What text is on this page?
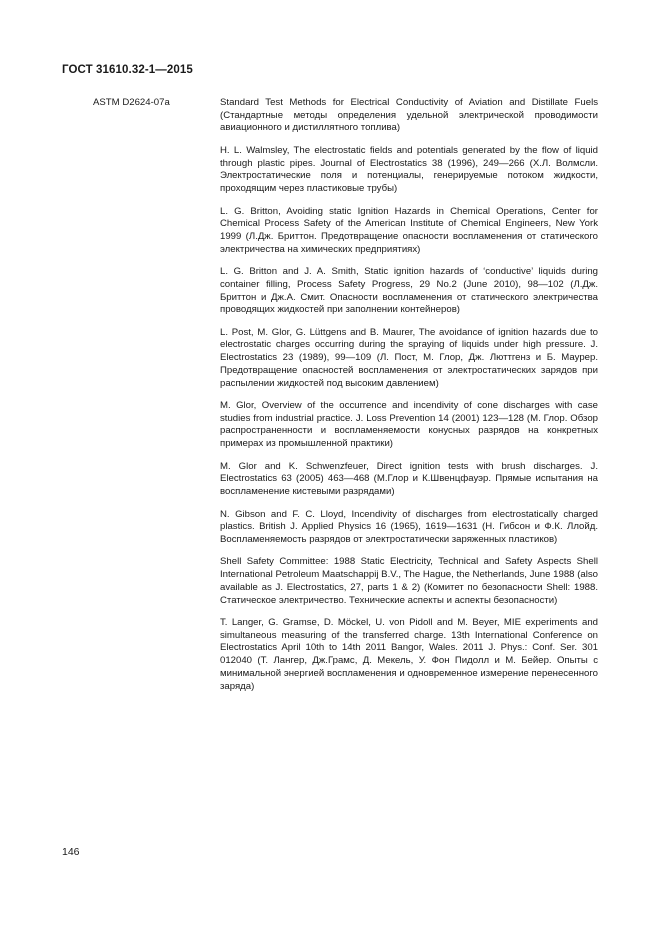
ГОСТ 31610.32-1—2015
ASTM D2624-07a	Standard Test Methods for Electrical Conductivity of Aviation and Distillate Fuels (Стандартные методы определения удельной электрической проводимости авиационного и дистиллятного топлива)

H. L. Walmsley, The electrostatic fields and potentials generated by the flow of liquid through plastic pipes. Journal of Electrostatics 38 (1996), 249—266 (Х.Л. Волмсли. Электростатические поля и потенциалы, генерируемые потоком жидкости, проходящим через пластиковые трубы)

L. G. Britton, Avoiding static Ignition Hazards in Chemical Operations, Center for Chemical Process Safety of the American Institute of Chemical Engineers, New York 1999 (Л.Дж. Бриттон. Предотвращение опасности воспламенения от статического электричества на химических предприятиях)

L. G. Britton and J. A. Smith, Static ignition hazards of ‘conductive’ liquids during container filling, Process Safety Progress, 29 No.2 (June 2010), 98—102 (Л.Дж. Бриттон и Дж.А. Смит. Опасности воспламенения от статического электричества проводящих жидкостей при заполнении контейнеров)

L. Post, M. Glor, G. Lüttgens and B. Maurer, The avoidance of ignition hazards due to electrostatic charges occurring during the spraying of liquids under high pressure. J. Electrostatics 23 (1989), 99—109 (Л. Пост, М. Глор, Дж. Люттгенз и Б. Маурер. Предотвращение опасностей воспламенения от электростатических зарядов при распылении жидкостей под высоким давлением)

M. Glor, Overview of the occurrence and incendivity of cone discharges with case studies from industrial practice. J. Loss Prevention 14 (2001) 123—128 (М. Глор. Обзор распространенности и воспламеняемости конусных разрядов на конкретных примерах из промышленной практики)

M. Glor and K. Schwenzfeuer, Direct ignition tests with brush discharges. J. Electrostatics 63 (2005) 463—468 (М.Глор и К.Швенцфауэр. Прямые испытания на воспламенение кистевыми разрядами)

N. Gibson and F. C. Lloyd, Incendivity of discharges from electrostatically charged plastics. British J. Applied Physics 16 (1965), 1619—1631 (Н. Гибсон и Ф.К. Ллойд. Воспламеняемость разрядов от электростатически заряженных пластиков)

Shell Safety Committee: 1988 Static Electricity, Technical and Safety Aspects Shell International Petroleum Maatschappij B.V., The Hague, the Netherlands, June 1988 (also available as J. Electrostatics, 27, parts 1 & 2) (Комитет по безопасности Shell: 1988. Статическое электричество. Технические аспекты и аспекты безопасности)

T. Langer, G. Gramse, D. Möckel, U. von Pidoll and M. Beyer, MIE experiments and simultaneous measuring of the transferred charge. 13th International Conference on Electrostatics April 10th to 14th 2011 Bangor, Wales. 2011 J. Phys.: Conf. Ser. 301 012040 (Т. Лангер, Дж.Грамс, Д. Мекель, У. Фон Пидолл и М. Бейер. Опыты с минимальной энергией воспламенения и одновременное измерение перенесенного заряда)

146
